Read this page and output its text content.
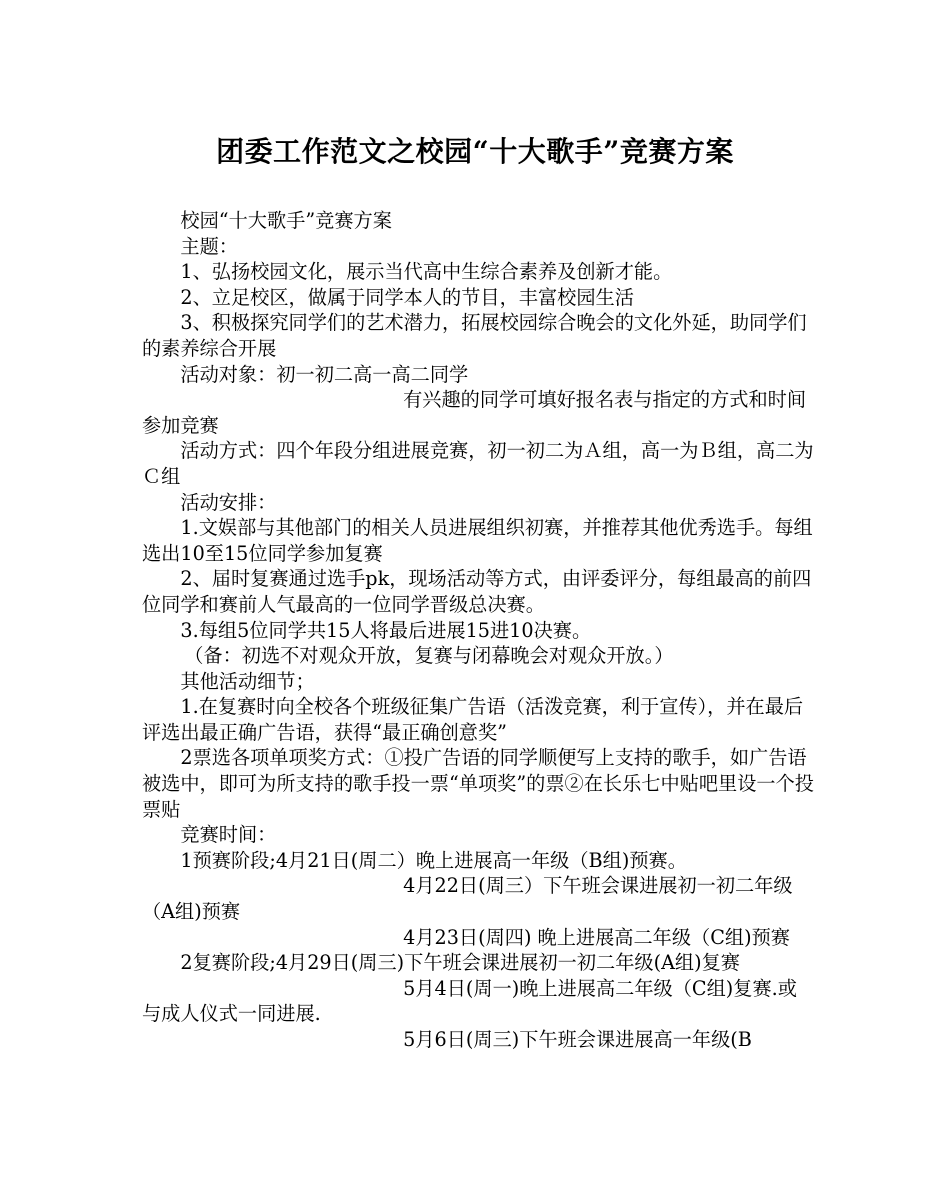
团委工作范文之校园“十大歌手”竞赛方案

校园“十大歌手”竞赛方案

主题：

1、弘扬校园文化，展示当代高中生综合素养及创新才能。

2、立足校区，做属于同学本人的节目，丰富校园生活

3、积极探究同学们的艺术潜力，拓展校园综合晚会的文化外延，助同学们的素养综合开展

活动对象：初一初二高一高二同学

有兴趣的同学可填好报名表与指定的方式和时间参加竞赛

活动方式：四个年段分组进展竞赛，初一初二为Ａ组，高一为Ｂ组，高二为Ｃ组

活动安排：

1.文娱部与其他部门的相关人员进展组织初赛，并推荐其他优秀选手。每组选出10至15位同学参加复赛

2、届时复赛通过选手pk，现场活动等方式，由评委评分，每组最高的前四位同学和赛前人气最高的一位同学晋级总决赛。

3.每组5位同学共15人将最后进展15进10决赛。

（备：初选不对观众开放，复赛与闭幕晚会对观众开放。）

其他活动细节；

1.在复赛时向全校各个班级征集广告语（活泼竞赛，利于宣传），并在最后评选出最正确广告语，获得“最正确创意奖”

2票选各项单项奖方式：①投广告语的同学顺便写上支持的歌手，如广告语被选中，即可为所支持的歌手投一票“单项奖”的票②在长乐七中贴吧里设一个投票贴

竞赛时间：

1预赛阶段;4月21日(周二）晚上进展高一年级（B组)预赛。

4月22日(周三）下午班会课进展初一初二年级（A组)预赛

4月23日(周四) 晚上进展高二年级（C组)预赛

2复赛阶段;4月29日(周三)下午班会课进展初一初二年级(A组)复赛

5月4日(周一)晚上进展高二年级（C组)复赛.或与成人仪式一同进展.

5月6日(周三)下午班会课进展高一年级(B
